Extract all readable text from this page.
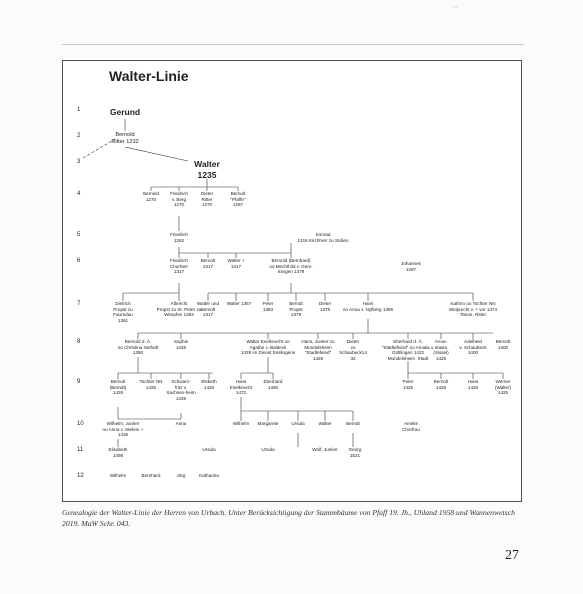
⁻⸍
Walter-Linie
1
2
3
4
5
6
7
8
9
10
11
12
Gerund
Bernold
Ritter 1232
Walter
1235
Bernold
1270
Friedrich
v. Berg
1270
Dieter
Ritter
1270
Bernolt
"Pfaffe"
1287
Friedrich
1282
Konrad
1315 Kirchherr zu Süßen
Friedrich
Chorherr
1317
Bernolt
1317
Walter +
1317
Bernold (Bernhard)
oo Mechthild v. Gem-
mingen 1379
Johannes
1297
Dietrich
Propst zu
Faurndau
1361
Albrecht
Propst zu St. Peter zu
Wimpfen 1384
Walter und
Bernolt
1317
Walter 1367 Peter
1383
Berndt
Propst
1379
Dieter
1379
Hans
oo Anna v. Nyfberg 1396
Kathrin oo Tochter NN
Weiprecht v. + vor 1374
Tanne, Ritter
Bernold d. Ä.
oo Christina Nothaft
1390
Sophie
1425
Walter Eselknecht oo
Agathe v. Baldeck
1438 im Dienst Esslingens
Hans, Junker zu
Mundelsheim
"Stadtefeind"
1428
Dieter
zu
Schaubeck14
32
Eberhard d. Ä.
"Städtefeind" oo Amalia v.
Gültlingen 1422
Mundelsheim  Stadt
Anna-
stasia
(Sissel)
1425
Adelheid
v. Schaubeck
1400
Bernolt
1400
Bernolt
(Berndt)
1426
Tochter NN
1425
Schwarz-
fritz v.
Sachsen-heim
1425
Elsbeth
1425
Hans
Eselknecht
1472
Eberhard
1460
Peter
1425
Bernolt
1425
Hans
1425
Werner
(Walter)
1425
Wilhelm, Junker
oo Anna v. Nielem +
1436
Anna	Wilhelm Margarete	Ursula	Walter	Berndt	Amelie
Chorfrau
Elisabeth
1498
Ursula	Ursula	Wolf, Junker Georg
1521
Wilhelm	Bernhard	Jörg	Katharina
Genealogie der Walter-Linie der Herren von Urbach. Unter Berücksichtigung der Stammbäume von Pfaff 19. Jh., Uhland 1958 und Wannenwetsch 2019. MaW Schr. 043.
27
